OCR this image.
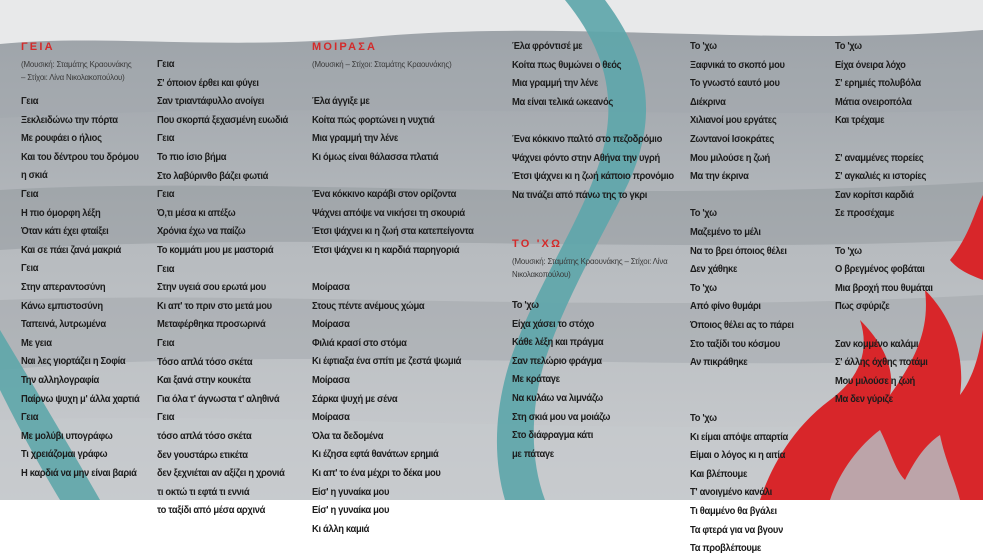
ΓΕΙΑ
(Μουσική: Σταμάτης Κραουνάκης
– Στίχοι: Λίνα Νικολακοπούλου)
Γεια
Ξεκλειδώνω την πόρτα
Με ρουφάει ο ήλιος
Και του δέντρου του δρόμου
η σκιά
Γεια
Η πιο όμορφη λέξη
Όταν κάτι έχει φταίξει
Και σε πάει ζανά μακριά
Γεια
Στην απεραντοσύνη
Κάνω εμπιστοσύνη
Ταπεινά, λυτρωμένα
Με γεια
Ναι λες γιορτάζει η Σοφία
Την αλληλογραφία
Παίρνω ψυχη μ' άλλα χαρτιά
Γεια
Με μολύβι υπογράφω
Τι χρειάζομαι γράφω
Η καρδιά να μην είναι βαριά
Γεια
Σ' όποιον έρθει και φύγει
Σαν τριαντάφυλλο ανοίγει
Που σκορπά ξεχασμένη ευωδιά
Γεια
Το πιο ίσιο βήμα
Στο λαβύρινθο βάζει φωτιά
Γεια
Ό,τι μέσα κι απέξω
Χρόνια έχω να παίζω
Το κομμάτι μου με μαστοριά
Γεια
Στην υγειά σου ερωτά μου
Κι απ' το πριν στο μετά μου
Μεταφέρθηκα προσωρινά
Γεια
Τόσο απλά τόσο σκέτα
Και ξανά στην κουκέτα
Για όλα τ' άγνωστα τ' αληθινά
Γεια
τόσο απλά τόσο σκέτα
δεν γουστάρω ετικέτα
δεν ξεχνιέται αν αξίζει η χρονιά
τι οκτώ τι εφτά τι εννιά
το ταξίδι από μέσα αρχινά
ΜΟΙΡΑΣΑ
(Μουσική – Στίχοι: Σταμάτης Κραουνάκης)
Έλα άγγιξε με
Κοίτα πώς φορτώνει η νυχτιά
Μια γραμμή την λένε
Κι όμως είναι θάλασσα πλατιά
Ένα κόκκινο καράβι στον ορίζοντα
Ψάχνει απόψε να νικήσει τη σκουριά
Έτσι ψάχνει κι η ζωή στα κατεπείγοντα
Έτσι ψάχνει κι η καρδιά παρηγοριά
Μοίρασα
Στους πέντε ανέμους χώμα
Μοίρασα
Φιλιά κρασί στο στόμα
Κι έφτιαξα ένα σπίτι με ζεστά ψωμιά
Μοίρασα
Σάρκα ψυχή με σένα
Μοίρασα
Όλα τα δεδομένα
Κι έζησα εφτά θανάτων ερημιά
Κι απ' το ένα μέχρι το δέκα μου
Είσ' η γυναίκα μου
Είσ' η γυναίκα μου
Κι άλλη καμιά
Έλα φρόντισέ με
Κοίτα πως θυμώνει ο θεός
Μια γραμμή την λένε
Μα είναι τελικά ωκεανός
Ένα κόκκινο παλτό στο πεζοδρόμιο
Ψάχνει φόντο στην Αθήνα την υγρή
Έτσι ψάχνει κι η ζωή κάποιο προνόμιο
Να τινάζει από πάνω της το γκρι
ΤΟ 'ΧΩ
(Μουσική: Σταμάτης Κραουνάκης – Στίχοι: Λίνα
Νικολακοπούλου)
Το 'χω
Είχα χάσει το στόχο
Κάθε λέξη και πράγμα
Σαν πελώριο φράγμα
Με κράταγε
Να κυλάω να λιμνάζω
Στη σκιά μου να μοιάζω
Στο διάφραγμα κάτι
με πάταγε
Το 'χω
Ξαφνικά το σκοπό μου
Το γνωστό εαυτό μου
Διέκρινα
Χιλιανοί μου εργάτες
Ζωντανοί Ισοκράτες
Μου μιλούσε η ζωή
Μα την έκρινα
Το 'χω
Μαζεμένο το μέλι
Να το βρει όποιος θέλει
Δεν χάθηκε
Το 'χω
Από φίνο θυμάρι
Όποιος θέλει ας το πάρει
Στο ταξίδι του κόσμου
Αν πικράθηκε
Το 'χω
Κι είμαι απόψε απαρτία
Είμαι ο λόγος κι η αιτία
Και βλέπουμε
Τ' ανοιγμένο κανάλι
Τι θαμμένο θα βγάλει
Τα φτερά για να βγουν
Τα προβλέπουμε
Το 'χω
Είχα όνειρα λόχο
Σ' ερημιές πολυβόλα
Μάτια ονειροπόλα
Και τρέχαμε
Σ' αναμμένες πορείες
Σ' αγκαλιές κι ιστορίες
Σαν κορίτσι καρδιά
Σε προσέχαμε
Το 'χω
Ο βρεγμένος φοβάται
Μια βροχή που θυμάται
Πως σφύριζε
Σαν κομμένο καλάμι
Σ' άλλης όχθης ποτάμι
Μου μιλούσε η ζωή
Μα δεν γύριζε
